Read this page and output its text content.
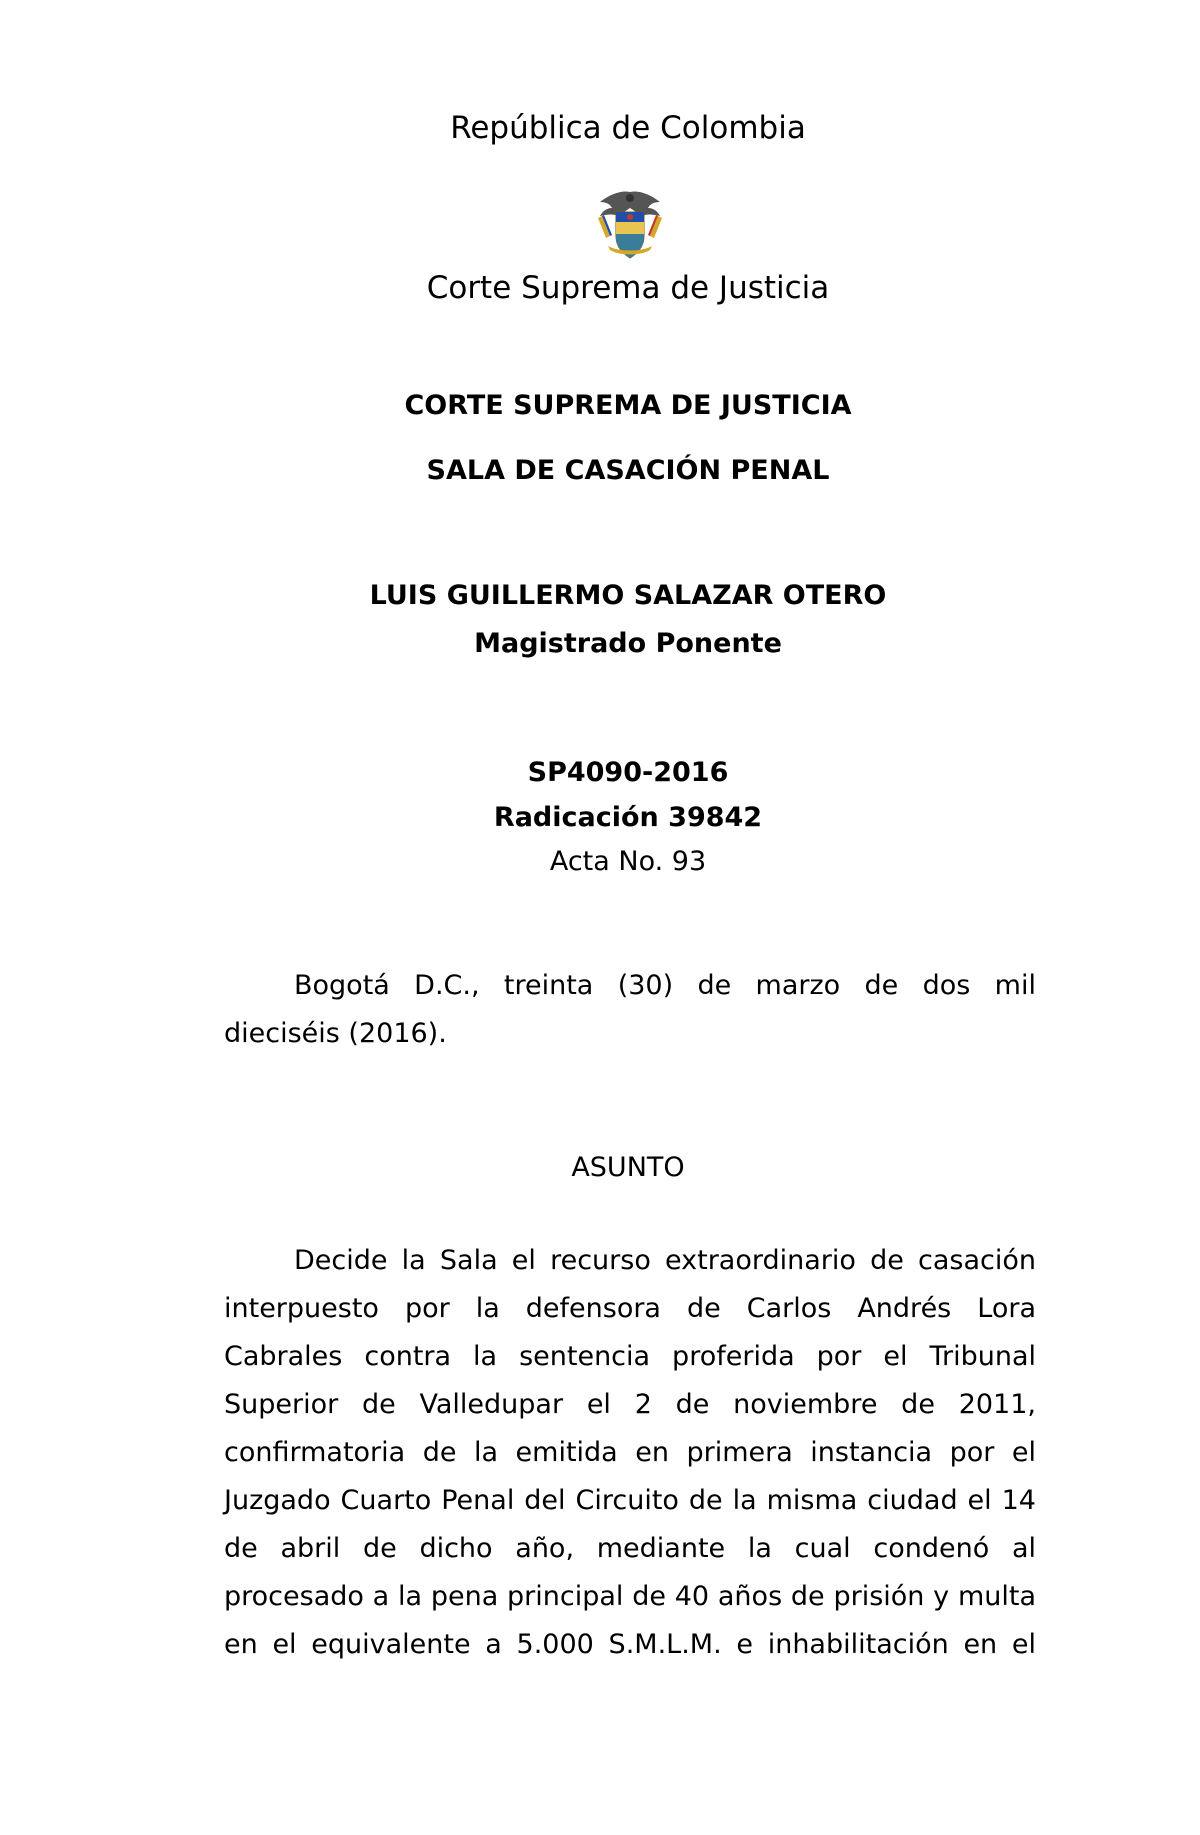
República de Colombia
Corte Suprema de Justicia
CORTE SUPREMA DE JUSTICIA
SALA DE CASACIÓN PENAL
LUIS GUILLERMO SALAZAR OTERO
Magistrado Ponente
SP4090-2016
Radicación 39842
Acta No. 93
Bogotá D.C., treinta (30) de marzo de dos mil
dieciséis (2016).
ASUNTO
Decide la Sala el recurso extraordinario de casación
interpuesto por la defensora de Carlos Andrés Lora
Cabrales contra la sentencia proferida por el Tribunal
Superior de Valledupar el 2 de noviembre de 2011,
confirmatoria de la emitida en primera instancia por el
Juzgado Cuarto Penal del Circuito de la misma ciudad el 14
de abril de dicho año, mediante la cual condenó al
procesado a la pena principal de 40 años de prisión y multa
en el equivalente a 5.000 S.M.L.M. e inhabilitación en el
